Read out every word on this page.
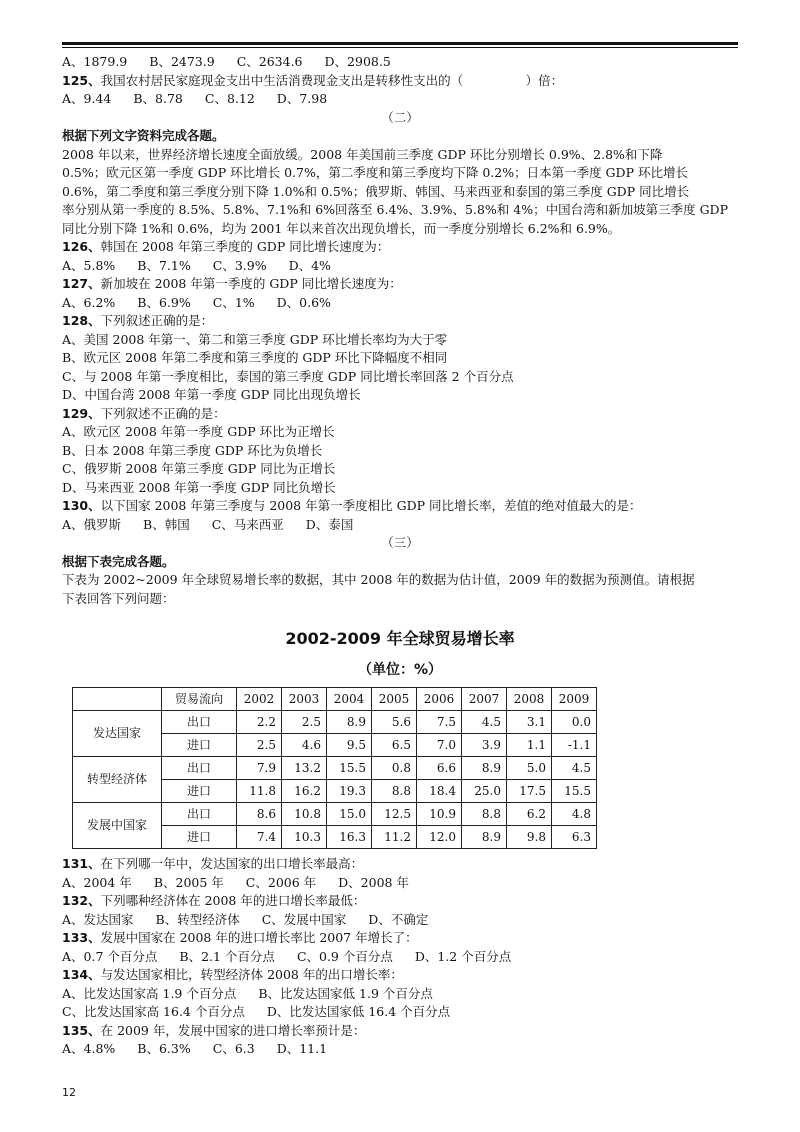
A、1879.9 B、2473.9 C、2634.6 D、2908.5
125、我国农村居民家庭现金支出中生活消费现金支出是转移性支出的（　　　　　）倍：
A、9.44 B、8.78 C、8.12 D、7.98
（二）
根据下列文字资料完成各题。
2008 年以来，世界经济增长速度全面放缓。2008 年美国前三季度 GDP 环比分别增长 0.9%、2.8%和下降
0.5%；欧元区第一季度 GDP 环比增长 0.7%，第二季度和第三季度均下降 0.2%；日本第一季度 GDP 环比增长
0.6%，第二季度和第三季度分别下降 1.0%和 0.5%；俄罗斯、韩国、马来西亚和泰国的第三季度 GDP 同比增长
率分别从第一季度的 8.5%、5.8%、7.1%和 6%回落至 6.4%、3.9%、5.8%和 4%；中国台湾和新加坡第三季度 GDP
同比分别下降 1%和 0.6%，均为 2001 年以来首次出现负增长，而一季度分别增长 6.2%和 6.9%。
126、韩国在 2008 年第三季度的 GDP 同比增长速度为：
A、5.8% B、7.1% C、3.9% D、4%
127、新加坡在 2008 年第一季度的 GDP 同比增长速度为：
A、6.2% B、6.9% C、1% D、0.6%
128、下列叙述正确的是：
A、美国 2008 年第一、第二和第三季度 GDP 环比增长率均为大于零
B、欧元区 2008 年第二季度和第三季度的 GDP 环比下降幅度不相同
C、与 2008 年第一季度相比，泰国的第三季度 GDP 同比增长率回落 2 个百分点
D、中国台湾 2008 年第一季度 GDP 同比出现负增长
129、下列叙述不正确的是：
A、欧元区 2008 年第一季度 GDP 环比为正增长
B、日本 2008 年第三季度 GDP 环比为负增长
C、俄罗斯 2008 年第三季度 GDP 同比为正增长
D、马来西亚 2008 年第一季度 GDP 同比负增长
130、以下国家 2008 年第三季度与 2008 年第一季度相比 GDP 同比增长率，差值的绝对值最大的是：
A、俄罗斯 B、韩国 C、马来西亚 D、泰国
（三）
根据下表完成各题。
下表为 2002~2009 年全球贸易增长率的数据，其中 2008 年的数据为估计值，2009 年的数据为预测值。请根据
下表回答下列问题：
2002-2009 年全球贸易增长率
（单位：%）
	贸易流向	2002	2003	2004	2005	2006	2007	2008	2009
发达国家	出口	2.2	2.5	8.9	5.6	7.5	4.5	3.1	0.0
	进口	2.5	4.6	9.5	6.5	7.0	3.9	1.1	-1.1
转型经济体	出口	7.9	13.2	15.5	0.8	6.6	8.9	5.0	4.5
	进口	11.8	16.2	19.3	8.8	18.4	25.0	17.5	15.5
发展中国家	出口	8.6	10.8	15.0	12.5	10.9	8.8	6.2	4.8
	进口	7.4	10.3	16.3	11.2	12.0	8.9	9.8	6.3
131、在下列哪一年中，发达国家的出口增长率最高：
A、2004 年 B、2005 年 C、2006 年 D、2008 年
132、下列哪种经济体在 2008 年的进口增长率最低：
A、发达国家 B、转型经济体 C、发展中国家 D、不确定
133、发展中国家在 2008 年的进口增长率比 2007 年增长了：
A、0.7 个百分点 B、2.1 个百分点 C、0.9 个百分点 D、1.2 个百分点
134、与发达国家相比，转型经济体 2008 年的出口增长率：
A、比发达国家高 1.9 个百分点 B、比发达国家低 1.9 个百分点
C、比发达国家高 16.4 个百分点 D、比发达国家低 16.4 个百分点
135、在 2009 年，发展中国家的进口增长率预计是：
A、4.8% B、6.3% C、6.3 D、11.1
12
